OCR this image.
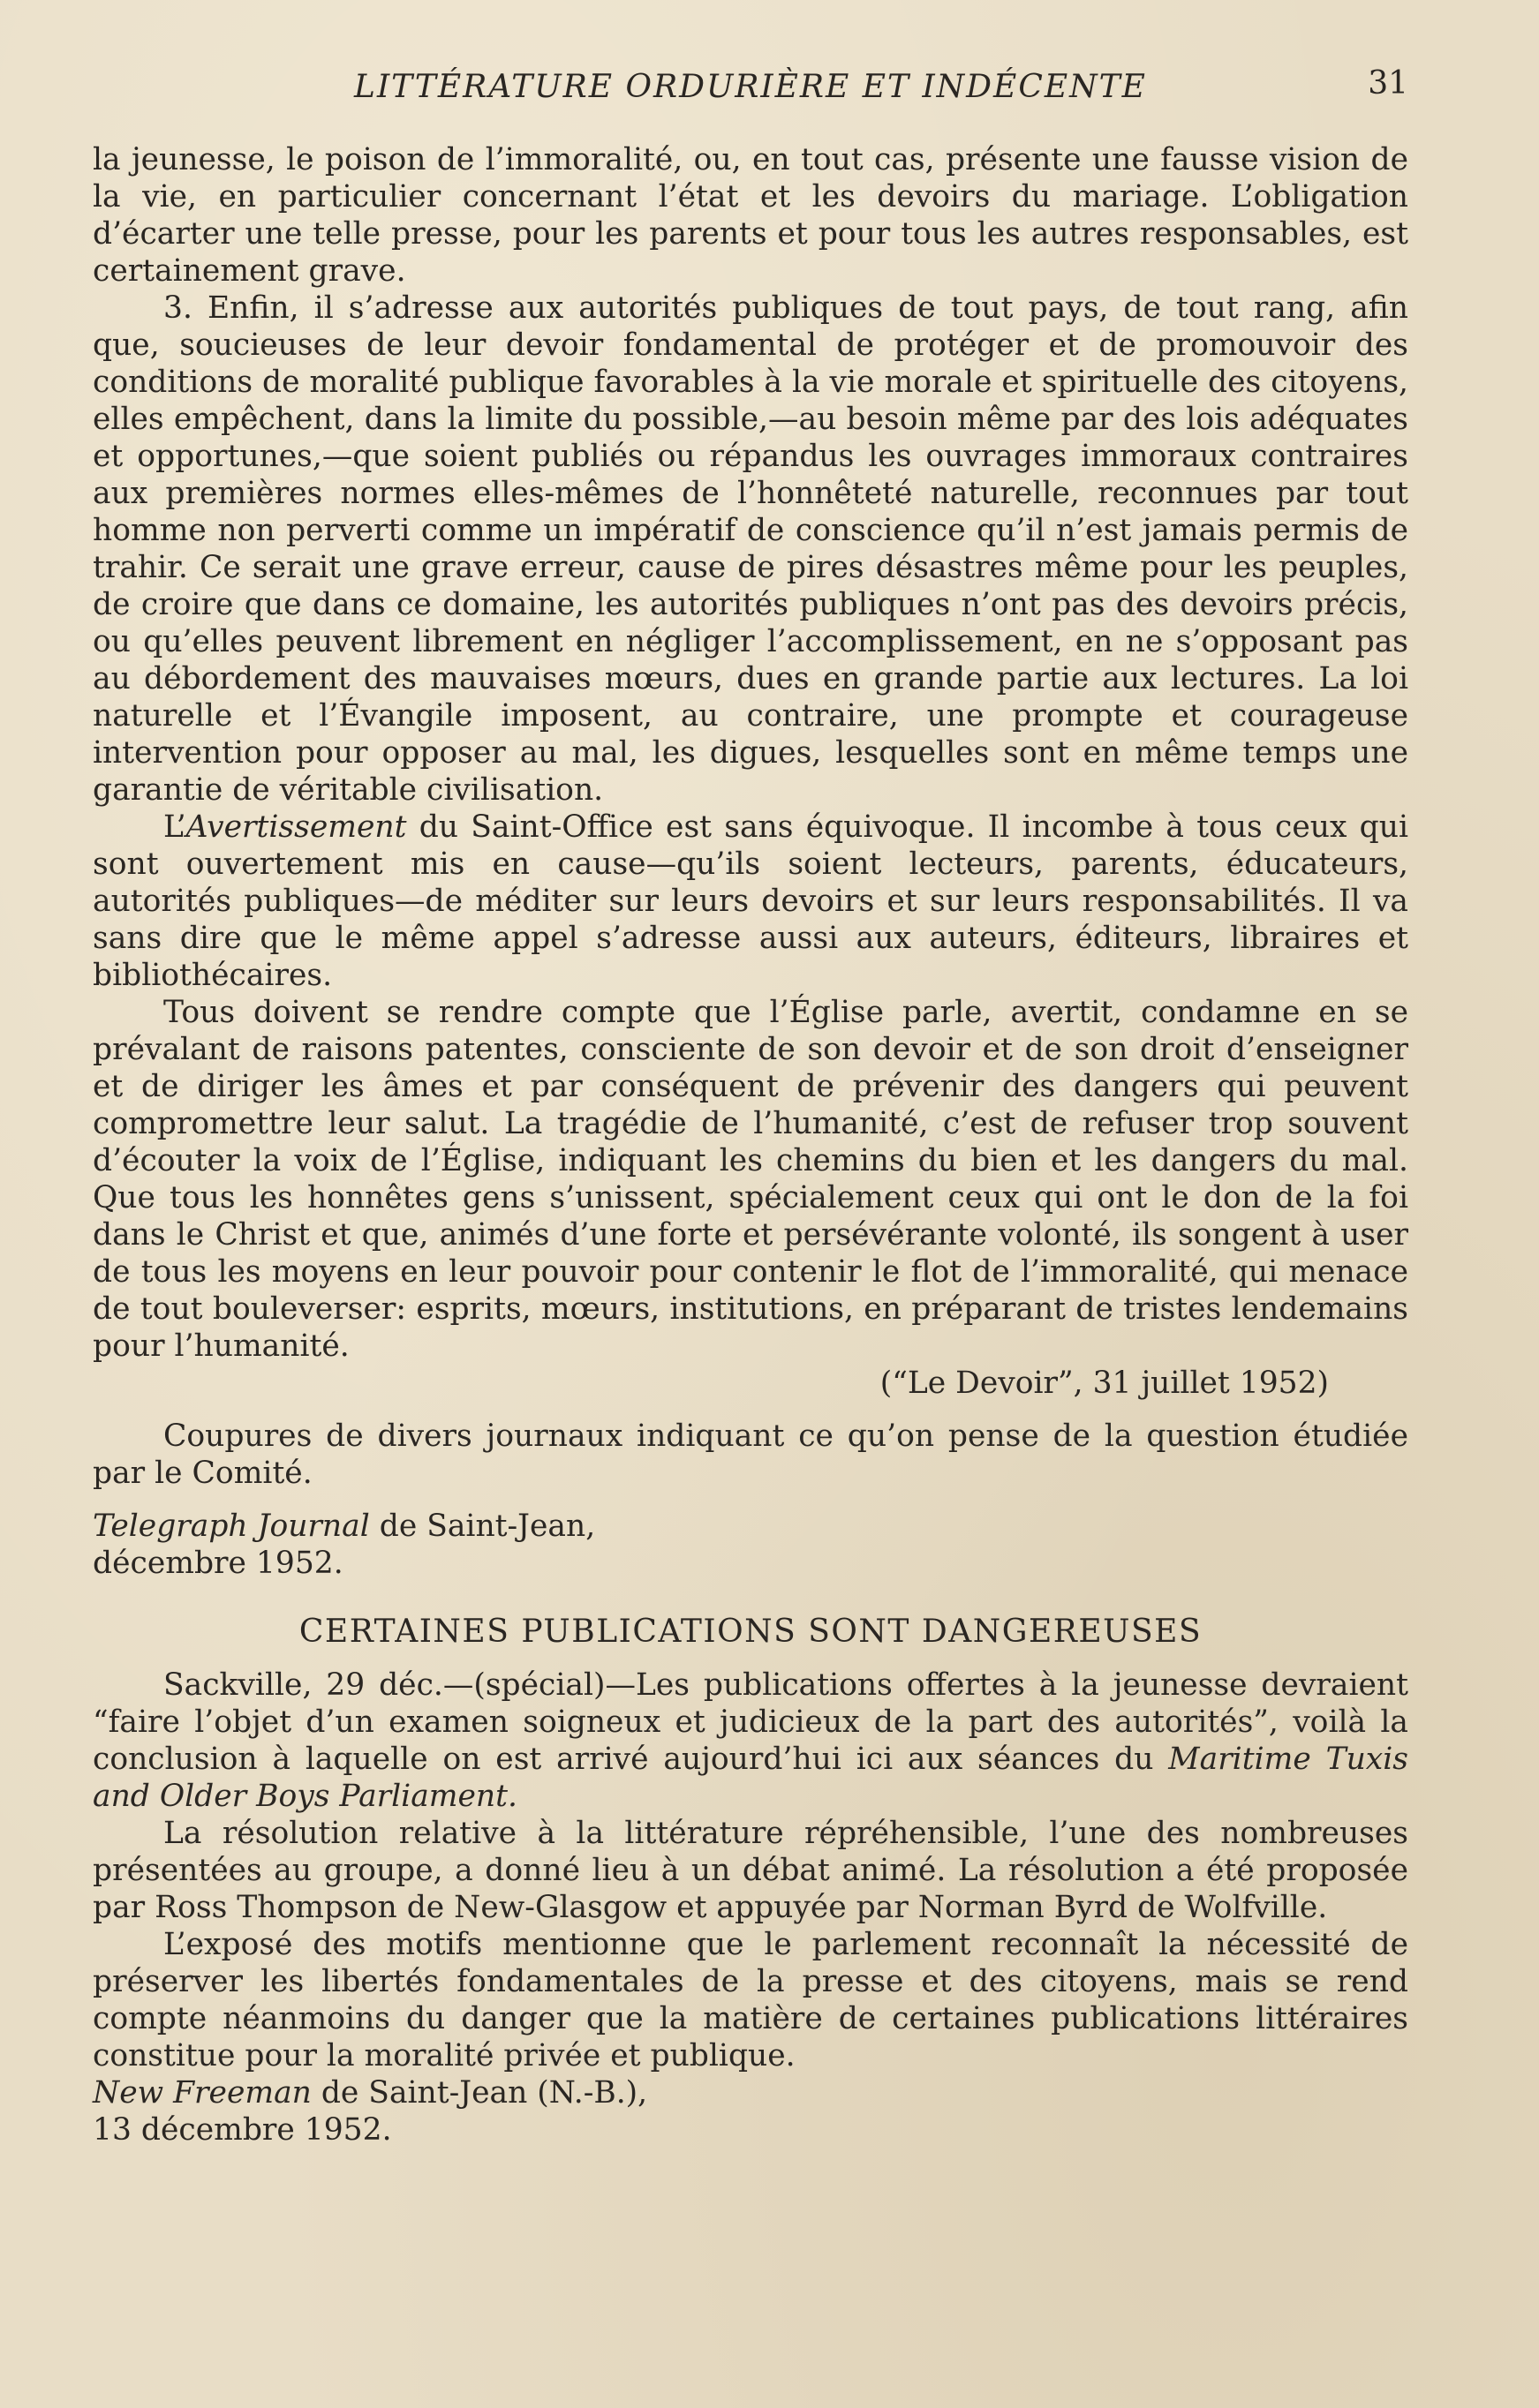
LITTÉRATURE ORDURIÈRE ET INDÉCENTE	31

la jeunesse, le poison de l’immoralité, ou, en tout cas, présente une fausse vision de la vie, en particulier concernant l’état et les devoirs du mariage. L’obligation d’écarter une telle presse, pour les parents et pour tous les autres responsables, est certainement grave.

3. Enfin, il s’adresse aux autorités publiques de tout pays, de tout rang, afin que, soucieuses de leur devoir fondamental de protéger et de promouvoir des conditions de moralité publique favorables à la vie morale et spirituelle des citoyens, elles empêchent, dans la limite du possible,—au besoin même par des lois adéquates et opportunes,—que soient publiés ou répandus les ouvrages immoraux contraires aux premières normes elles-mêmes de l’honnêteté naturelle, reconnues par tout homme non perverti comme un impératif de conscience qu’il n’est jamais permis de trahir. Ce serait une grave erreur, cause de pires désastres même pour les peuples, de croire que dans ce domaine, les autorités publiques n’ont pas des devoirs précis, ou qu’elles peuvent librement en négliger l’accomplissement, en ne s’opposant pas au débordement des mauvaises mœurs, dues en grande partie aux lectures. La loi naturelle et l’Évangile imposent, au contraire, une prompte et courageuse intervention pour opposer au mal, les digues, lesquelles sont en même temps une garantie de véritable civilisation.

L’Avertissement du Saint-Office est sans équivoque. Il incombe à tous ceux qui sont ouvertement mis en cause—qu’ils soient lecteurs, parents, éducateurs, autorités publiques—de méditer sur leurs devoirs et sur leurs responsabilités. Il va sans dire que le même appel s’adresse aussi aux auteurs, éditeurs, libraires et bibliothécaires.

Tous doivent se rendre compte que l’Église parle, avertit, condamne en se prévalant de raisons patentes, consciente de son devoir et de son droit d’enseigner et de diriger les âmes et par conséquent de prévenir des dangers qui peuvent compromettre leur salut. La tragédie de l’humanité, c’est de refuser trop souvent d’écouter la voix de l’Église, indiquant les chemins du bien et les dangers du mal. Que tous les honnêtes gens s’unissent, spécialement ceux qui ont le don de la foi dans le Christ et que, animés d’une forte et persévérante volonté, ils songent à user de tous les moyens en leur pouvoir pour contenir le flot de l’immoralité, qui menace de tout bouleverser: esprits, mœurs, institutions, en préparant de tristes lendemains pour l’humanité.

(“Le Devoir”, 31 juillet 1952)

Coupures de divers journaux indiquant ce qu’on pense de la question étudiée par le Comité.

Telegraph Journal de Saint-Jean,

décembre 1952.

CERTAINES PUBLICATIONS SONT DANGEREUSES

Sackville, 29 déc.—(spécial)—Les publications offertes à la jeunesse devraient “faire l’objet d’un examen soigneux et judicieux de la part des autorités”, voilà la conclusion à laquelle on est arrivé aujourd’hui ici aux séances du Maritime Tuxis and Older Boys Parliament.

La résolution relative à la littérature répréhensible, l’une des nombreuses présentées au groupe, a donné lieu à un débat animé. La résolution a été proposée par Ross Thompson de New-Glasgow et appuyée par Norman Byrd de Wolfville.

L’exposé des motifs mentionne que le parlement reconnaît la nécessité de préserver les libertés fondamentales de la presse et des citoyens, mais se rend compte néanmoins du danger que la matière de certaines publications littéraires constitue pour la moralité privée et publique.

New Freeman de Saint-Jean (N.-B.),

13 décembre 1952.
